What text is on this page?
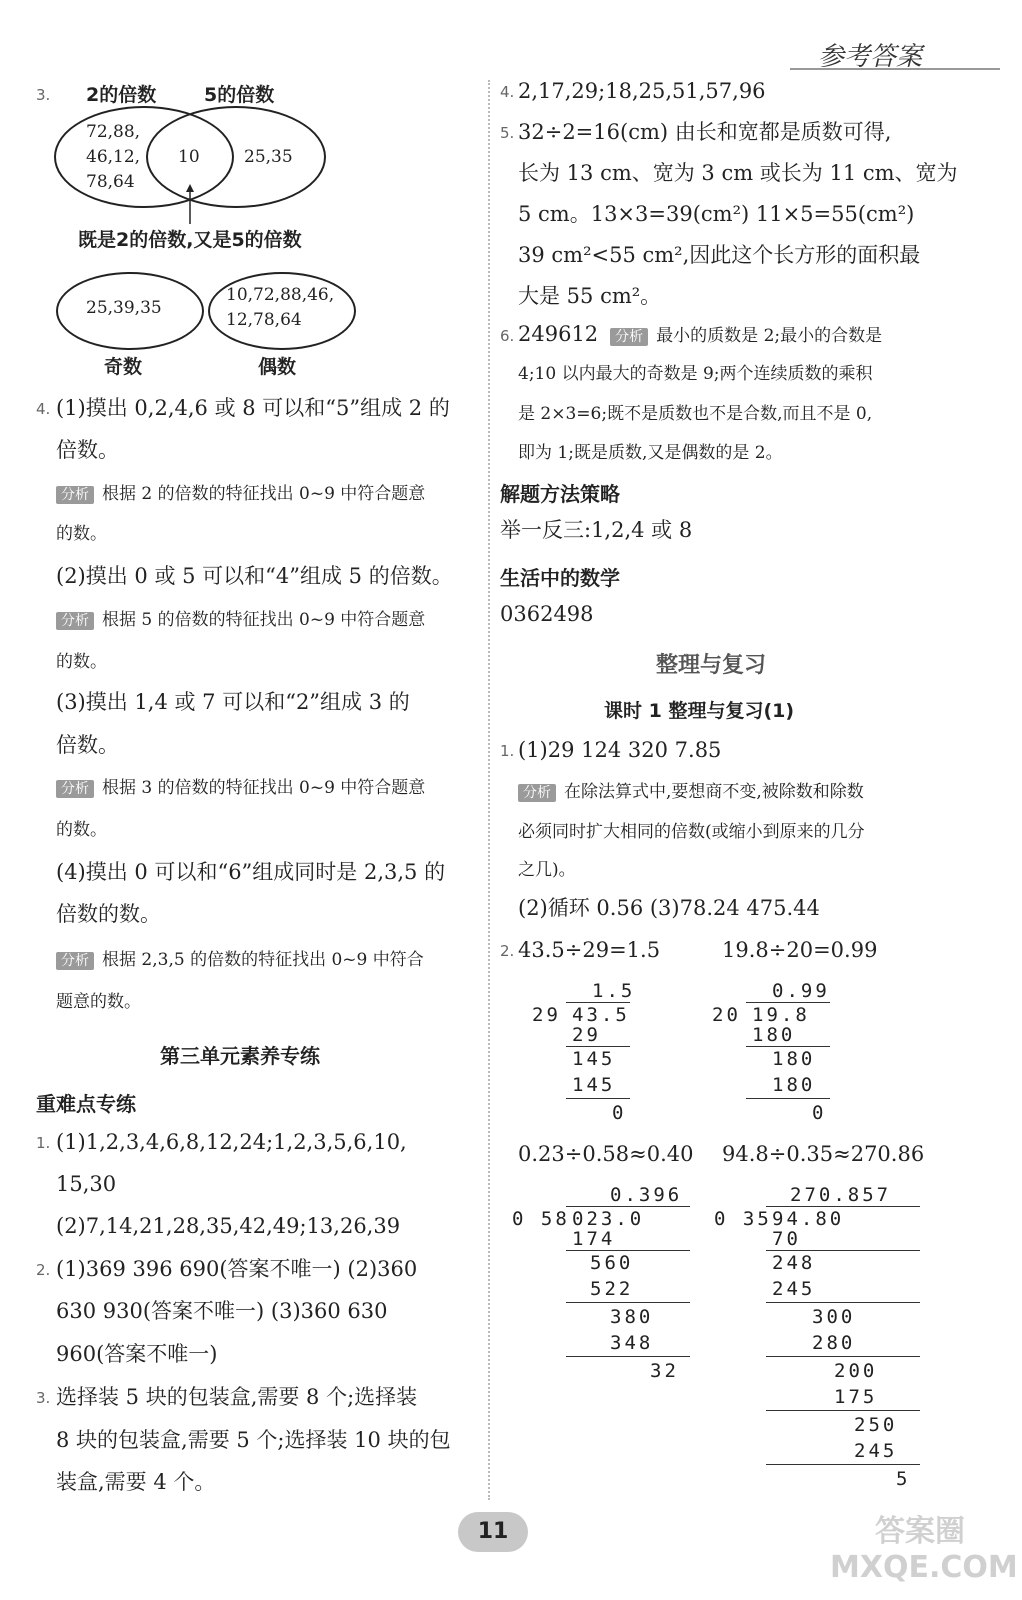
参考答案
3. 2的倍数	5的倍数
72,88,
46,12,
78,64
10	25,35
既是2的倍数,又是5的倍数
25,39,35
10,72,88,46,
12,78,64
奇数	偶数
4. (1)摸出 0,2,4,6 或 8 可以和“5”组成 2 的
倍数。
分析 根据 2 的倍数的特征找出 0~9 中符合题意
的数。
(2)摸出 0 或 5 可以和“4”组成 5 的倍数。
分析 根据 5 的倍数的特征找出 0~9 中符合题意
的数。
(3)摸出 1,4 或 7 可以和“2”组成 3 的
倍数。
分析 根据 3 的倍数的特征找出 0~9 中符合题意
的数。
(4)摸出 0 可以和“6”组成同时是 2,3,5 的
倍数的数。
分析 根据 2,3,5 的倍数的特征找出 0~9 中符合
题意的数。
第三单元素养专练
重难点专练
1. (1)1,2,3,4,6,8,12,24;1,2,3,5,6,10,
15,30
(2)7,14,21,28,35,42,49;13,26,39
2. (1)369 396 690(答案不唯一) (2)360
630 930(答案不唯一) (3)360 630
960(答案不唯一)
3. 选择装 5 块的包装盒,需要 8 个;选择装
8 块的包装盒,需要 5 个;选择装 10 块的包
装盒,需要 4 个。
4. 2,17,29;18,25,51,57,96
5. 32÷2=16(cm) 由长和宽都是质数可得,
长为 13 cm、宽为 3 cm 或长为 11 cm、宽为
5 cm。13×3=39(cm²) 11×5=55(cm²)
39 cm²<55 cm²,因此这个长方形的面积最
大是 55 cm²。
6. 249612 分析 最小的质数是 2;最小的合数是
4;10 以内最大的奇数是 9;两个连续质数的乘积
是 2×3=6;既不是质数也不是合数,而且不是 0,
即为 1;既是质数,又是偶数的是 2。
解题方法策略
举一反三:1,2,4 或 8
生活中的数学
0362498
整理与复习
课时 1 整理与复习(1)
1. (1)29 124 320 7.85
分析 在除法算式中,要想商不变,被除数和除数
必须同时扩大相同的倍数(或缩小到原来的几分
之几)。
(2)循环 0.56 (3)78.24 475.44
2. 43.5÷29=1.5	19.8÷20=0.99
1.5
29 43.5
29
145
145
0
0.99
20 19.8
180
180
180
0
0.23÷0.58≈0.40 94.8÷0.35≈270.86
0.396
0 58 023.0
174
560
522
380
348
32
270.857
0 35 94.80
70
248
245
300
280
200
175
250
245
5
11	答案圈 MXQE.COM
